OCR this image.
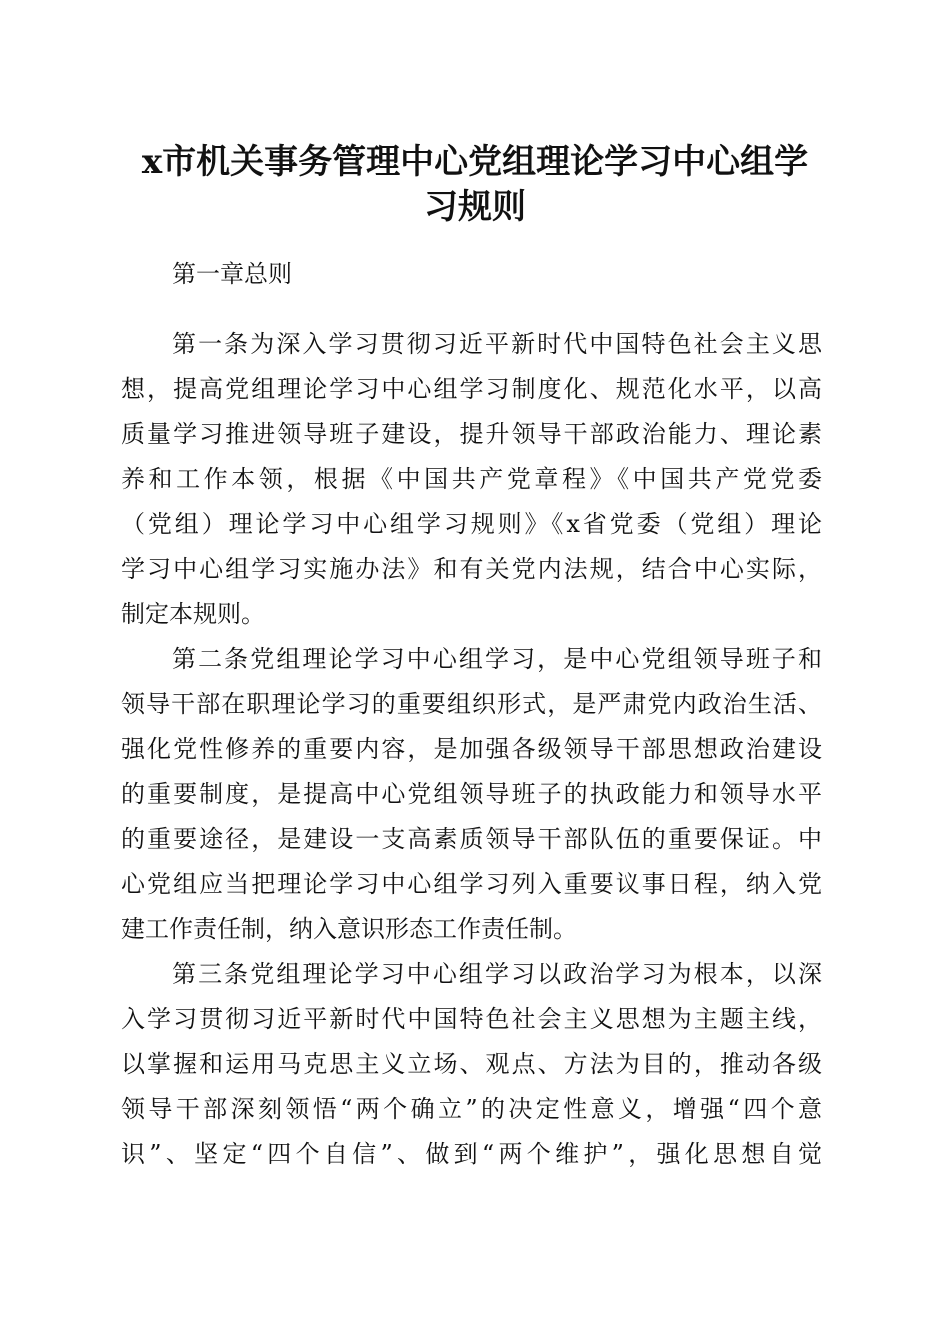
x市机关事务管理中心党组理论学习中心组学
习规则
第一章总则
第一条为深入学习贯彻习近平新时代中国特色社会主义思
想，提高党组理论学习中心组学习制度化、规范化水平，以高
质量学习推进领导班子建设，提升领导干部政治能力、理论素
养和工作本领，根据《中国共产党章程》《中国共产党党委
（党组）理论学习中心组学习规则》《x省党委（党组）理论
学习中心组学习实施办法》和有关党内法规，结合中心实际，
制定本规则。
第二条党组理论学习中心组学习，是中心党组领导班子和
领导干部在职理论学习的重要组织形式，是严肃党内政治生活、
强化党性修养的重要内容，是加强各级领导干部思想政治建设
的重要制度，是提高中心党组领导班子的执政能力和领导水平
的重要途径，是建设一支高素质领导干部队伍的重要保证。中
心党组应当把理论学习中心组学习列入重要议事日程，纳入党
建工作责任制，纳入意识形态工作责任制。
第三条党组理论学习中心组学习以政治学习为根本，以深
入学习贯彻习近平新时代中国特色社会主义思想为主题主线，
以掌握和运用马克思主义立场、观点、方法为目的，推动各级
领导干部深刻领悟“两个确立”的决定性意义，增强“四个意
识”、坚定“四个自信”、做到“两个维护”，强化思想自觉
